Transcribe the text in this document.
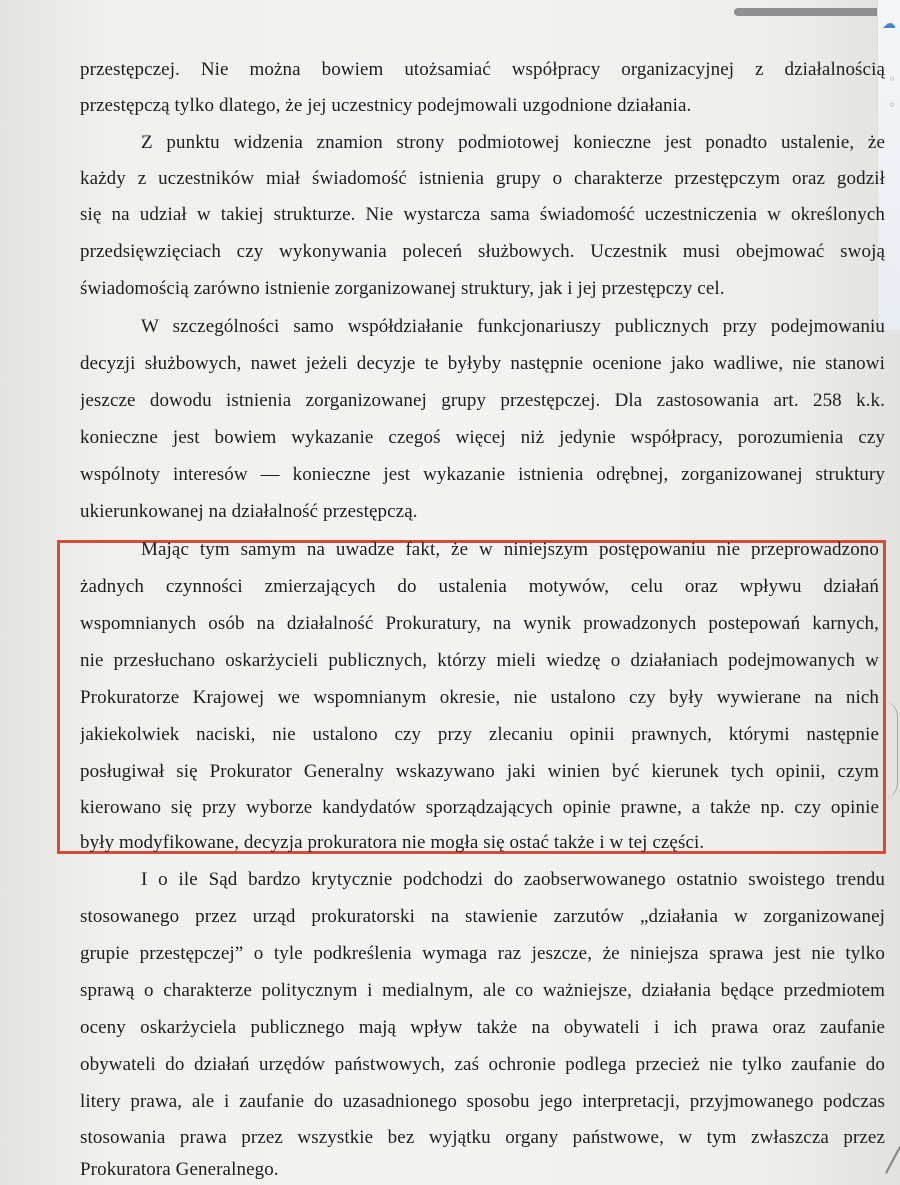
☁
◦
◦
przestępczej. Nie można bowiem utożsamiać współpracy organizacyjnej z działalnością
przestępczą tylko dlatego, że jej uczestnicy podejmowali uzgodnione działania.
Z punktu widzenia znamion strony podmiotowej konieczne jest ponadto ustalenie, że
każdy z uczestników miał świadomość istnienia grupy o charakterze przestępczym oraz godził
się na udział w takiej strukturze. Nie wystarcza sama świadomość uczestniczenia w określonych
przedsięwzięciach czy wykonywania poleceń służbowych. Uczestnik musi obejmować swoją
świadomością zarówno istnienie zorganizowanej struktury, jak i jej przestępczy cel.
W szczególności samo współdziałanie funkcjonariuszy publicznych przy podejmowaniu
decyzji służbowych, nawet jeżeli decyzje te byłyby następnie ocenione jako wadliwe, nie stanowi
jeszcze dowodu istnienia zorganizowanej grupy przestępczej. Dla zastosowania art. 258 k.k.
konieczne jest bowiem wykazanie czegoś więcej niż jedynie współpracy, porozumienia czy
wspólnoty interesów — konieczne jest wykazanie istnienia odrębnej, zorganizowanej struktury
ukierunkowanej na działalność przestępczą.
Mając tym samym na uwadze fakt, że w niniejszym postępowaniu nie przeprowadzono
żadnych czynności zmierzających do ustalenia motywów, celu oraz wpływu działań
wspomnianych osób na działalność Prokuratury, na wynik prowadzonych postepowań karnych,
nie przesłuchano oskarżycieli publicznych, którzy mieli wiedzę o działaniach podejmowanych w
Prokuratorze Krajowej we wspomnianym okresie, nie ustalono czy były wywierane na nich
jakiekolwiek naciski, nie ustalono czy przy zlecaniu opinii prawnych, którymi następnie
posługiwał się Prokurator Generalny wskazywano jaki winien być kierunek tych opinii, czym
kierowano się przy wyborze kandydatów sporządzających opinie prawne, a także np. czy opinie
były modyfikowane, decyzja prokuratora nie mogła się ostać także i w tej części.
I o ile Sąd bardzo krytycznie podchodzi do zaobserwowanego ostatnio swoistego trendu
stosowanego przez urząd prokuratorski na stawienie zarzutów „działania w zorganizowanej
grupie przestępczej” o tyle podkreślenia wymaga raz jeszcze, że niniejsza sprawa jest nie tylko
sprawą o charakterze politycznym i medialnym, ale co ważniejsze, działania będące przedmiotem
oceny oskarżyciela publicznego mają wpływ także na obywateli i ich prawa oraz zaufanie
obywateli do działań urzędów państwowych, zaś ochronie podlega przecież nie tylko zaufanie do
litery prawa, ale i zaufanie do uzasadnionego sposobu jego interpretacji, przyjmowanego podczas
stosowania prawa przez wszystkie bez wyjątku organy państwowe, w tym zwłaszcza przez
Prokuratora Generalnego.
